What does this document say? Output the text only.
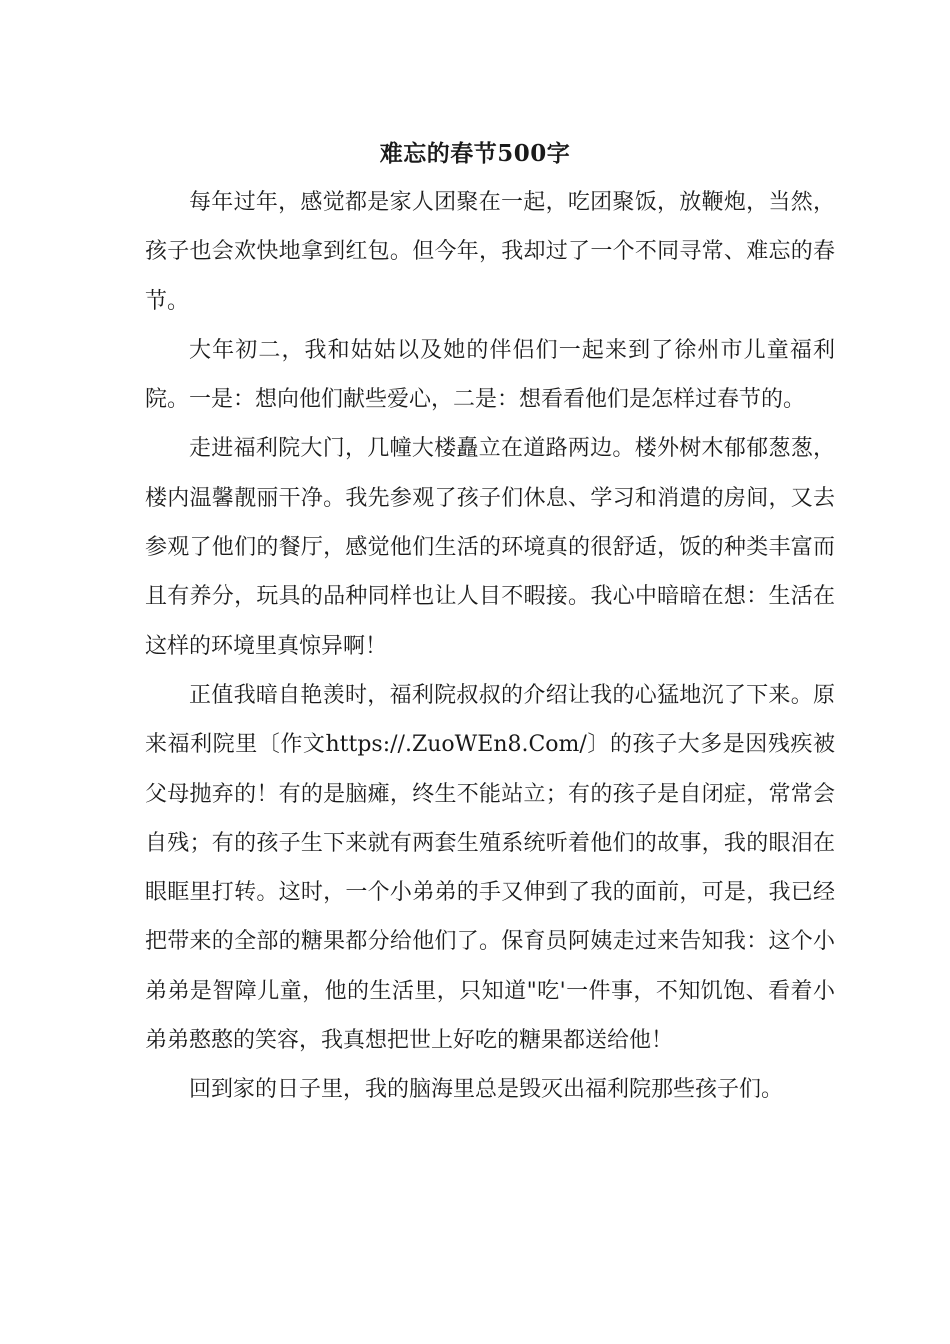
难忘的春节500字

每年过年，感觉都是家人团聚在一起，吃团聚饭，放鞭炮，当然，孩子也会欢快地拿到红包。但今年，我却过了一个不同寻常、难忘的春节。

大年初二，我和姑姑以及她的伴侣们一起来到了徐州市儿童福利院。一是：想向他们献些爱心，二是：想看看他们是怎样过春节的。

走进福利院大门，几幢大楼矗立在道路两边。楼外树木郁郁葱葱，楼内温馨靓丽干净。我先参观了孩子们休息、学习和消遣的房间，又去参观了他们的餐厅，感觉他们生活的环境真的很舒适，饭的种类丰富而且有养分，玩具的品种同样也让人目不暇接。我心中暗暗在想：生活在这样的环境里真惊异啊！

正值我暗自艳羡时，福利院叔叔的介绍让我的心猛地沉了下来。原来福利院里〔作文https://.ZuoWEn8.Com/〕的孩子大多是因残疾被父母抛弃的！有的是脑瘫，终生不能站立；有的孩子是自闭症，常常会自残；有的孩子生下来就有两套生殖系统听着他们的故事，我的眼泪在眼眶里打转。这时，一个小弟弟的手又伸到了我的面前，可是，我已经把带来的全部的糖果都分给他们了。保育员阿姨走过来告知我：这个小弟弟是智障儿童，他的生活里，只知道"吃'一件事，不知饥饱、看着小弟弟憨憨的笑容，我真想把世上好吃的糖果都送给他！

回到家的日子里，我的脑海里总是毁灭出福利院那些孩子们。
